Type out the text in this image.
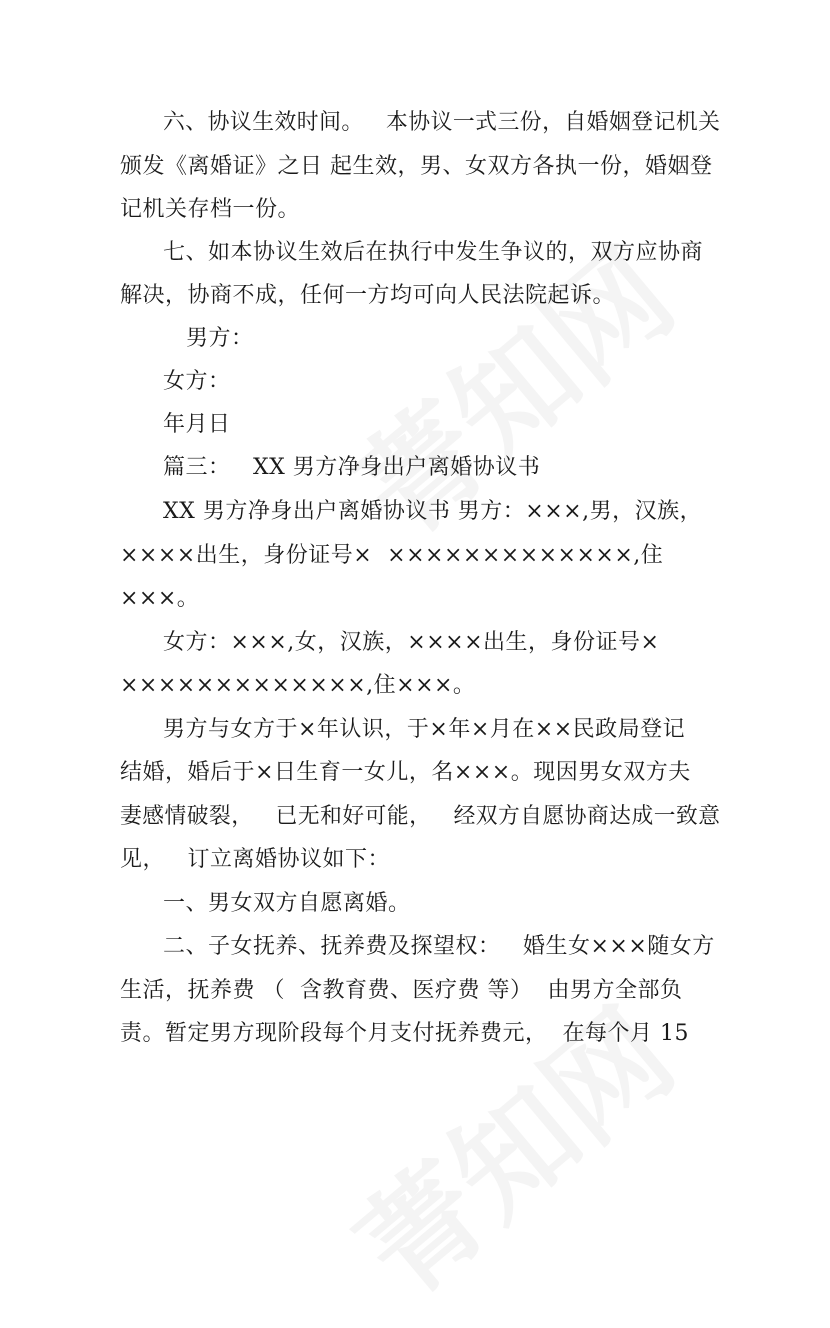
六、协议生效时间。   本协议一式三份，自婚姻登记机关
颁发《离婚证》之日 起生效，男、女双方各执一份，婚姻登
记机关存档一份。
七、如本协议生效后在执行中发生争议的，双方应协商
解决，协商不成，任何一方均可向人民法院起诉。
男方：
女方：
年月日
篇三：   XX 男方净身出户离婚协议书
XX 男方净身出户离婚协议书 男方：×××,男，汉族，
××××出生，身份证号×  ×××××××××××××,住
×××。
女方：×××,女，汉族，××××出生，身份证号×
×××××××××××××,住×××。
男方与女方于×年认识，于×年×月在××民政局登记
结婚，婚后于×日生育一女儿，名×××。现因男女双方夫
妻感情破裂，   已无和好可能，   经双方自愿协商达成一致意
见，   订立离婚协议如下：
一、男女双方自愿离婚。
二、子女抚养、抚养费及探望权：   婚生女×××随女方
生活，抚养费 （  含教育费、医疗费 等）  由男方全部负
责。暂定男方现阶段每个月支付抚养费元，  在每个月 15
